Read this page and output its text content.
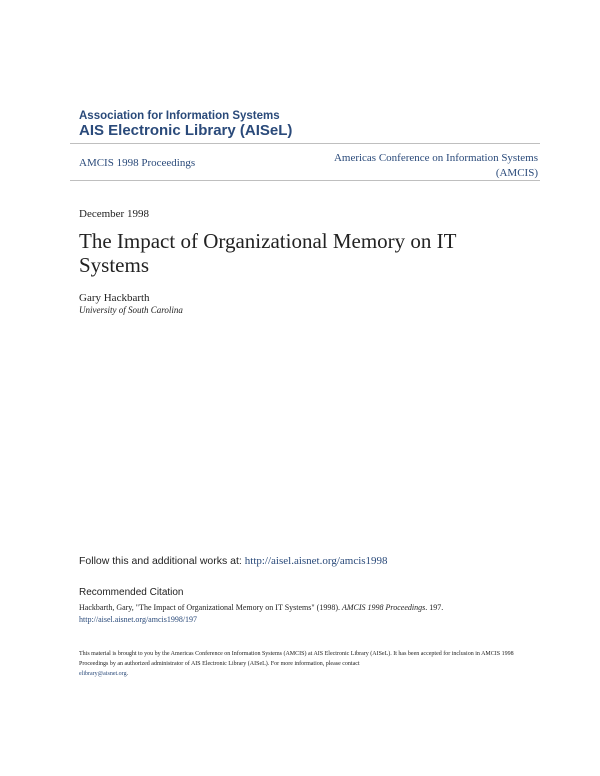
Association for Information Systems
AIS Electronic Library (AISeL)
AMCIS 1998 Proceedings	Americas Conference on Information Systems
(AMCIS)
December 1998
The Impact of Organizational Memory on IT Systems
Gary Hackbarth
University of South Carolina
Follow this and additional works at: http://aisel.aisnet.org/amcis1998
Recommended Citation
Hackbarth, Gary, "The Impact of Organizational Memory on IT Systems" (1998). AMCIS 1998 Proceedings. 197.
http://aisel.aisnet.org/amcis1998/197
This material is brought to you by the Americas Conference on Information Systems (AMCIS) at AIS Electronic Library (AISeL). It has been accepted for inclusion in AMCIS 1998 Proceedings by an authorized administrator of AIS Electronic Library (AISeL). For more information, please contact
elibrary@aisnet.org.
